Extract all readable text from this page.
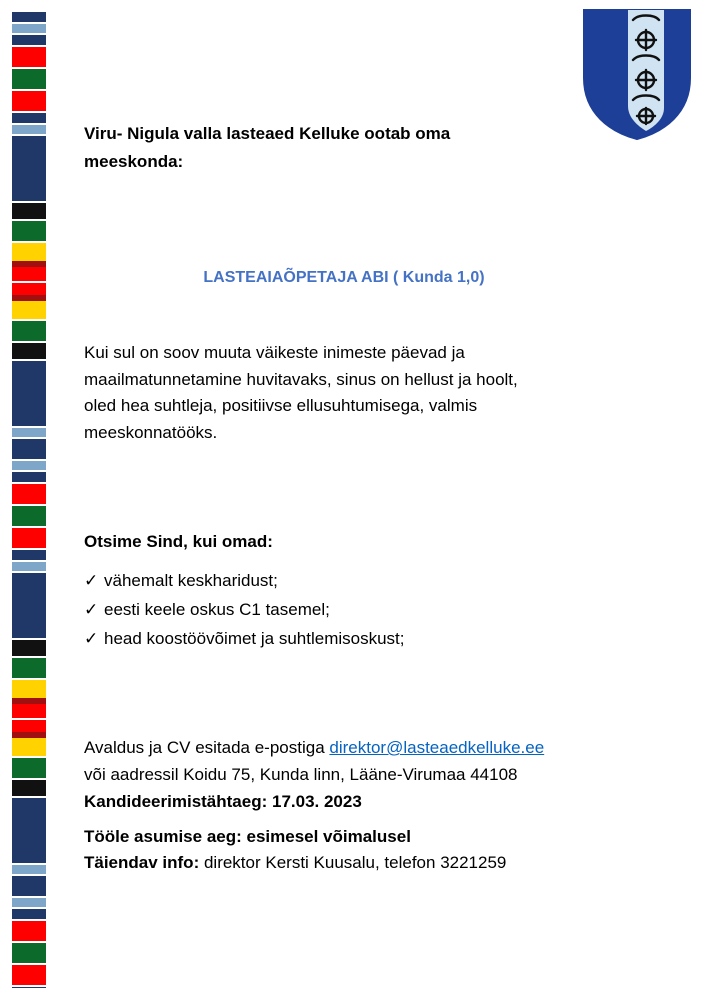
Viru- Nigula valla lasteaed Kelluke ootab oma
meeskonda:
LASTEAIAÕPETAJA ABI ( Kunda 1,0)
Kui sul on soov muuta väikeste inimeste päevad ja
maailmatunnetamine huvitavaks, sinus on hellust ja hoolt,
oled hea suhtleja, positiivse ellusuhtumisega, valmis
meeskonnatööks.
Otsime Sind, kui omad:
✓ vähemalt keskharidust;
✓ eesti keele oskus C1 tasemel;
✓ head koostöövõimet ja suhtlemisoskust;
Avaldus ja CV esitada e-postiga direktor@lasteaedkelluke.ee
või aadressil Koidu 75, Kunda linn, Lääne-Virumaa 44108
Kandideerimistähtaeg: 17.03. 2023
Tööle asumise aeg: esimesel võimalusel
Täiendav info: direktor Kersti Kuusalu, telefon 3221259
